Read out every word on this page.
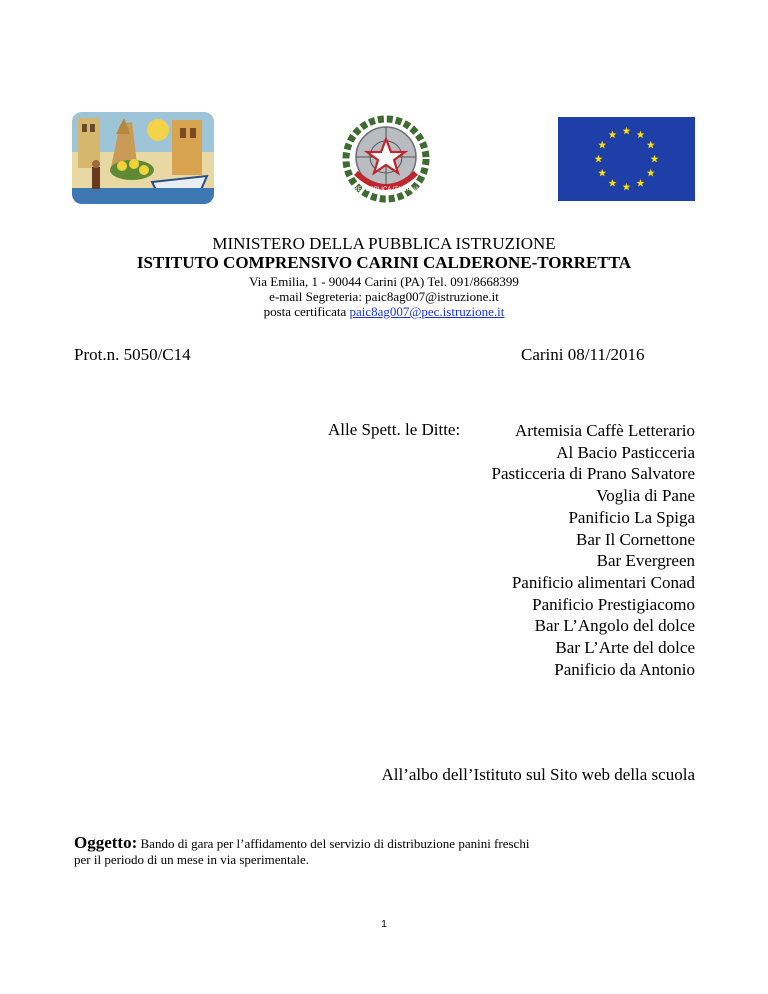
REPUBBLICA ITALIANA
MINISTERO DELLA PUBBLICA ISTRUZIONE
ISTITUTO COMPRENSIVO CARINI CALDERONE-TORRETTA
Via Emilia, 1 - 90044 Carini (PA) Tel. 091/8668399
e-mail Segreteria: paic8ag007@istruzione.it
posta certificata paic8ag007@pec.istruzione.it
Prot.n. 5050/C14	Carini 08/11/2016
Alle Spett. le Ditte:	Artemisia Caffè Letterario
Al Bacio Pasticceria
Pasticceria di Prano Salvatore
Voglia di Pane
Panificio La Spiga
Bar Il Cornettone
Bar Evergreen
Panificio alimentari Conad
Panificio Prestigiacomo
Bar L’Angolo del dolce
Bar L’Arte del dolce
Panificio da Antonio
All’albo dell’Istituto sul Sito web della scuola
Oggetto: Bando di gara per l’affidamento del servizio di distribuzione panini freschi
per il periodo di un mese in via sperimentale.
1
